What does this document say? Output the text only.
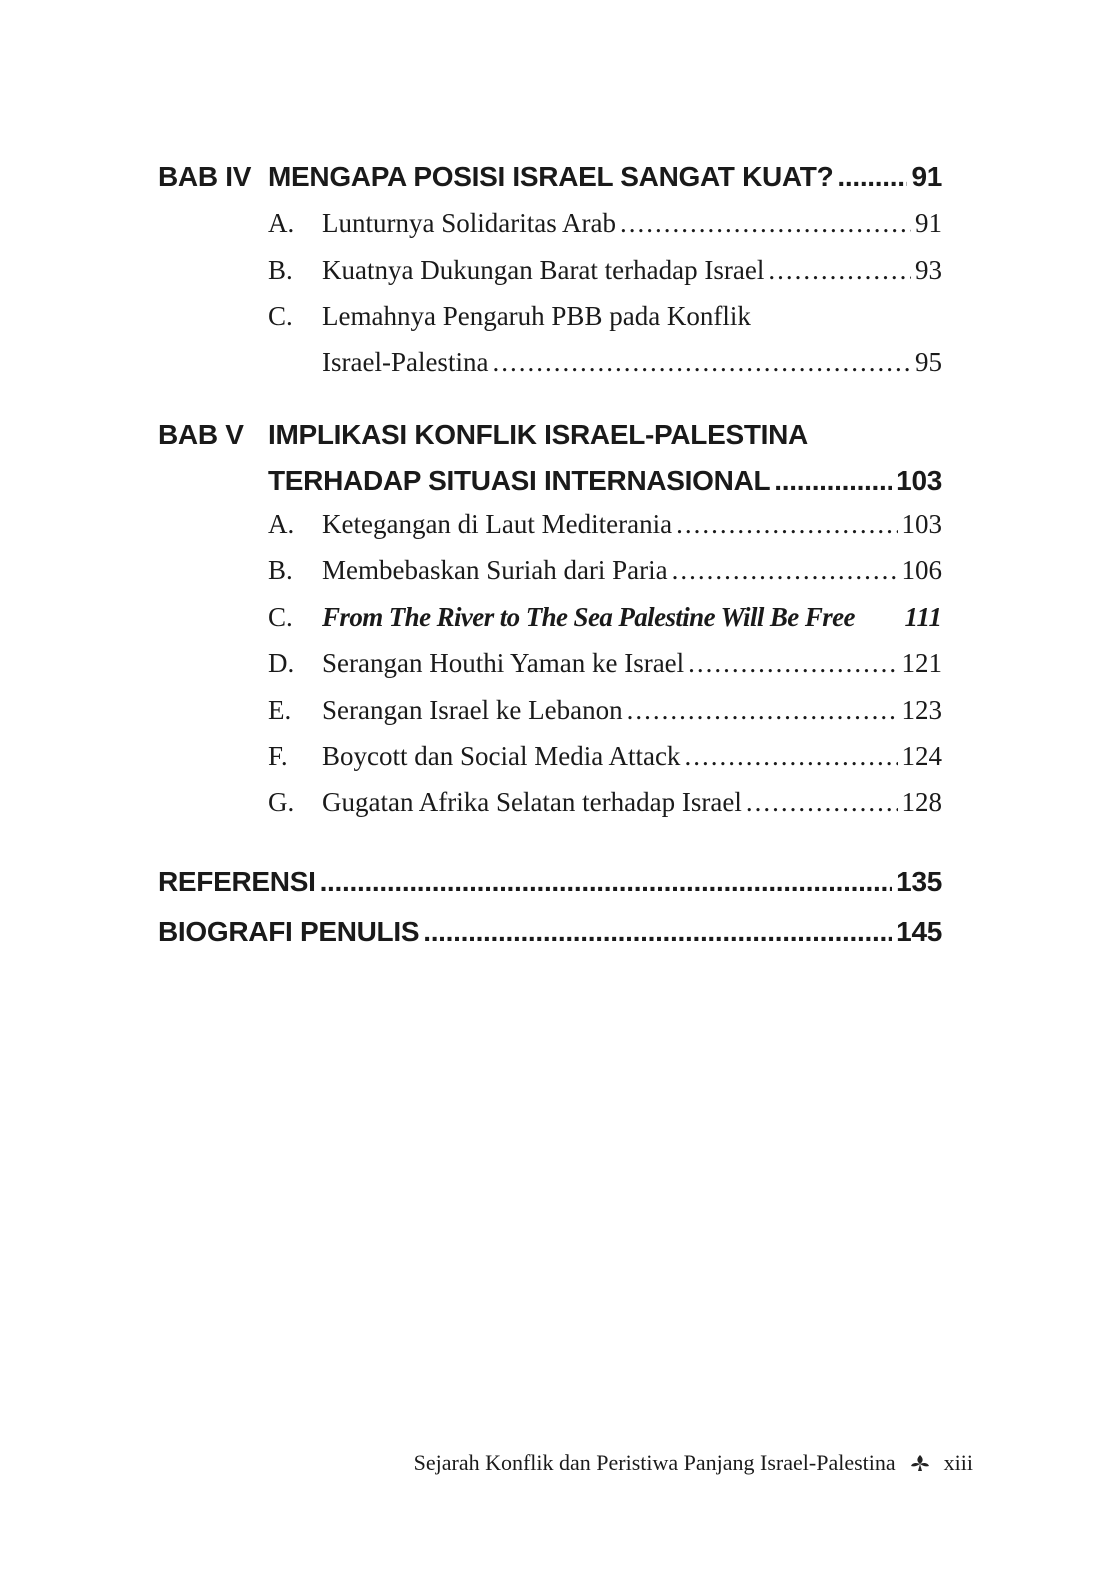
BAB IV MENGAPA POSISI ISRAEL SANGAT KUAT? .....	91
A. Lunturnya Solidaritas Arab .....	91
B. Kuatnya Dukungan Barat terhadap Israel .....	93
C. Lemahnya Pengaruh PBB pada Konflik
Israel-Palestina .....	95
BAB V IMPLIKASI KONFLIK ISRAEL-PALESTINA
TERHADAP SITUASI INTERNASIONAL .....	103
A. Ketegangan di Laut Mediterania .....	103
B. Membebaskan Suriah dari Paria .....	106
C. From The River to The Sea Palestine Will Be Free 111
D. Serangan Houthi Yaman ke Israel .....	121
E. Serangan Israel ke Lebanon .....	123
F. Boycott dan Social Media Attack .....	124
G. Gugatan Afrika Selatan terhadap Israel .....	128
REFERENSI .....	135
BIOGRAFI PENULIS .....	145
Sejarah Konflik dan Peristiwa Panjang Israel-Palestina xiii
